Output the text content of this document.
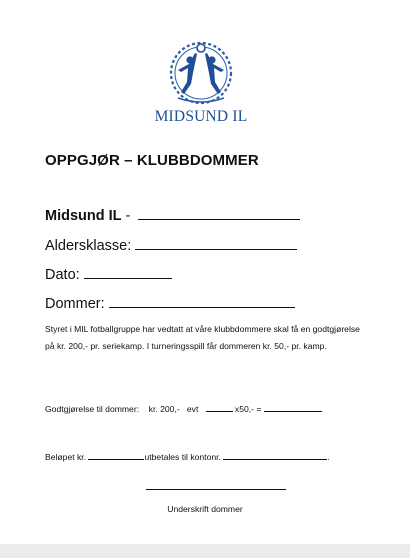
MIDSUND IL
OPPGJØR – KLUBBDOMMER
Midsund IL -
Aldersklasse:
Dato:
Dommer:
Styret i MIL fotballgruppe har vedtatt at våre klubbdommere skal få en godtgjørelse på kr. 200,- pr. seriekamp. I turneringsspill får dommeren kr. 50,- pr. kamp.
Godtgjørelse til dommer: kr. 200,- evt	x50,- =
Beløpet kr.	utbetales til kontonr.	.
Underskrift dommer
